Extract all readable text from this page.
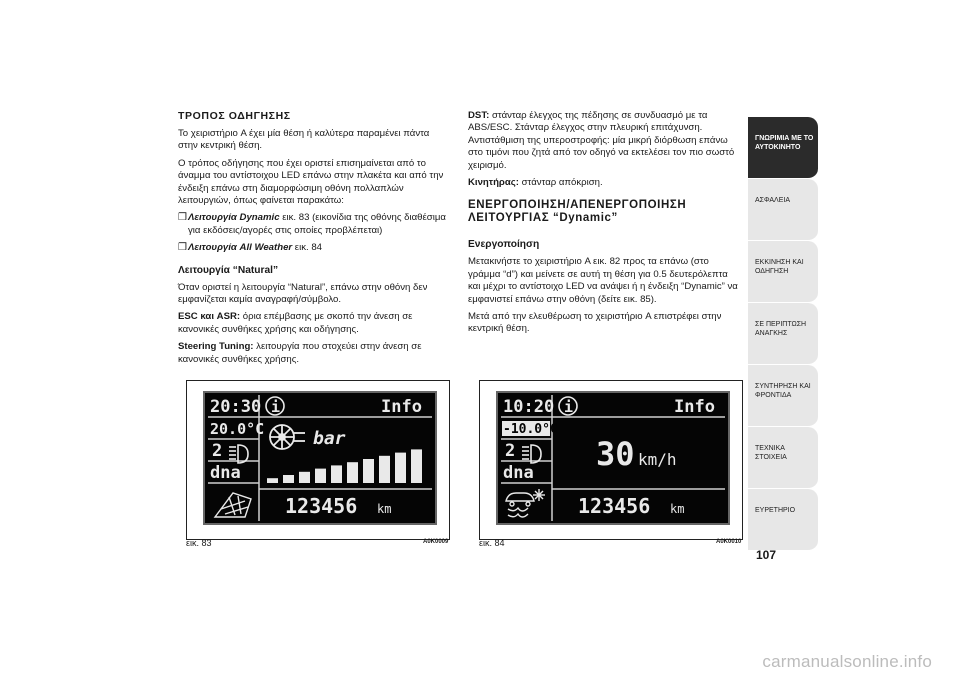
ΤΡΟΠΟΣ ΟΔΗΓΗΣΗΣ

Το χειριστήριο A έχει μία θέση ή καλύτερα παραμένει πάντα στην κεντρική θέση.

Ο τρόπος οδήγησης που έχει οριστεί επισημαίνεται από το άναμμα του αντίστοιχου LED επάνω στην πλακέτα και από την ένδειξη επάνω στη διαμορφώσιμη οθόνη πολλαπλών λειτουργιών, όπως φαίνεται παρακάτω:

❒ Λειτουργία Dynamic εικ. 83 (εικονίδια της οθόνης διαθέσιμα για εκδόσεις/αγορές στις οποίες προβλέπεται)

❒ Λειτουργία All Weather εικ. 84

Λειτουργία “Natural”

Όταν οριστεί η λειτουργία “Natural”, επάνω στην οθόνη δεν εμφανίζεται καμία αναγραφή/σύμβολο.

ESC και ASR: όρια επέμβασης με σκοπό την άνεση σε κανονικές συνθήκες χρήσης και οδήγησης.

Steering Tuning: λειτουργία που στοχεύει στην άνεση σε κανονικές συνθήκες χρήσης.

DST: στάνταρ έλεγχος της πέδησης σε συνδυασμό με τα ABS/ESC. Στάνταρ έλεγχος στην πλευρική επιτάχυνση. Αντιστάθμιση της υπεροστροφής: μία μικρή διόρθωση επάνω στο τιμόνι που ζητά από τον οδηγό να εκτελέσει τον πιο σωστό χειρισμό.

Κινητήρας: στάνταρ απόκριση.

ΕΝΕΡΓΟΠΟΙΗΣΗ/ΑΠΕΝΕΡΓΟΠΟΙΗΣΗ ΛΕΙΤΟΥΡΓΙΑΣ “Dynamic”
Ενεργοποίηση

Μετακινήστε το χειριστήριο A εικ. 82 προς τα επάνω (στο γράμμα “d”) και μείνετε σε αυτή τη θέση για 0.5 δευτερόλεπτα και μέχρι το αντίστοιχο LED να ανάψει ή η ένδειξη “Dynamic” να εμφανιστεί επάνω στην οθόνη (δείτε εικ. 85).

Μετά από την ελευθέρωση το χειριστήριο A επιστρέφει στην κεντρική θέση.

20:30 i	Info
20.0°C
2
dna
bar
123456 km
εικ. 83	A0K0009
10:20 i	Info
-10.0°C
2
dna 30 km/h
123456 km
εικ. 84	A0K0010
ΓΝΩΡΙΜΙΑ ΜΕ ΤΟ ΑΥΤΟΚΙΝΗΤΟ
ΑΣΦΑΛΕΙΑ
ΕΚΚΙΝΗΣΗ ΚΑΙ ΟΔΗΓΗΣΗ
ΣΕ ΠΕΡΙΠΤΩΣΗ ΑΝΑΓΚΗΣ
ΣΥΝΤΗΡΗΣΗ ΚΑΙ ΦΡΟΝΤΙΔΑ
ΤΕΧΝΙΚΑ ΣΤΟΙΧΕΙΑ
ΕΥΡΕΤΗΡΙΟ
107
carmanualsonline.info
